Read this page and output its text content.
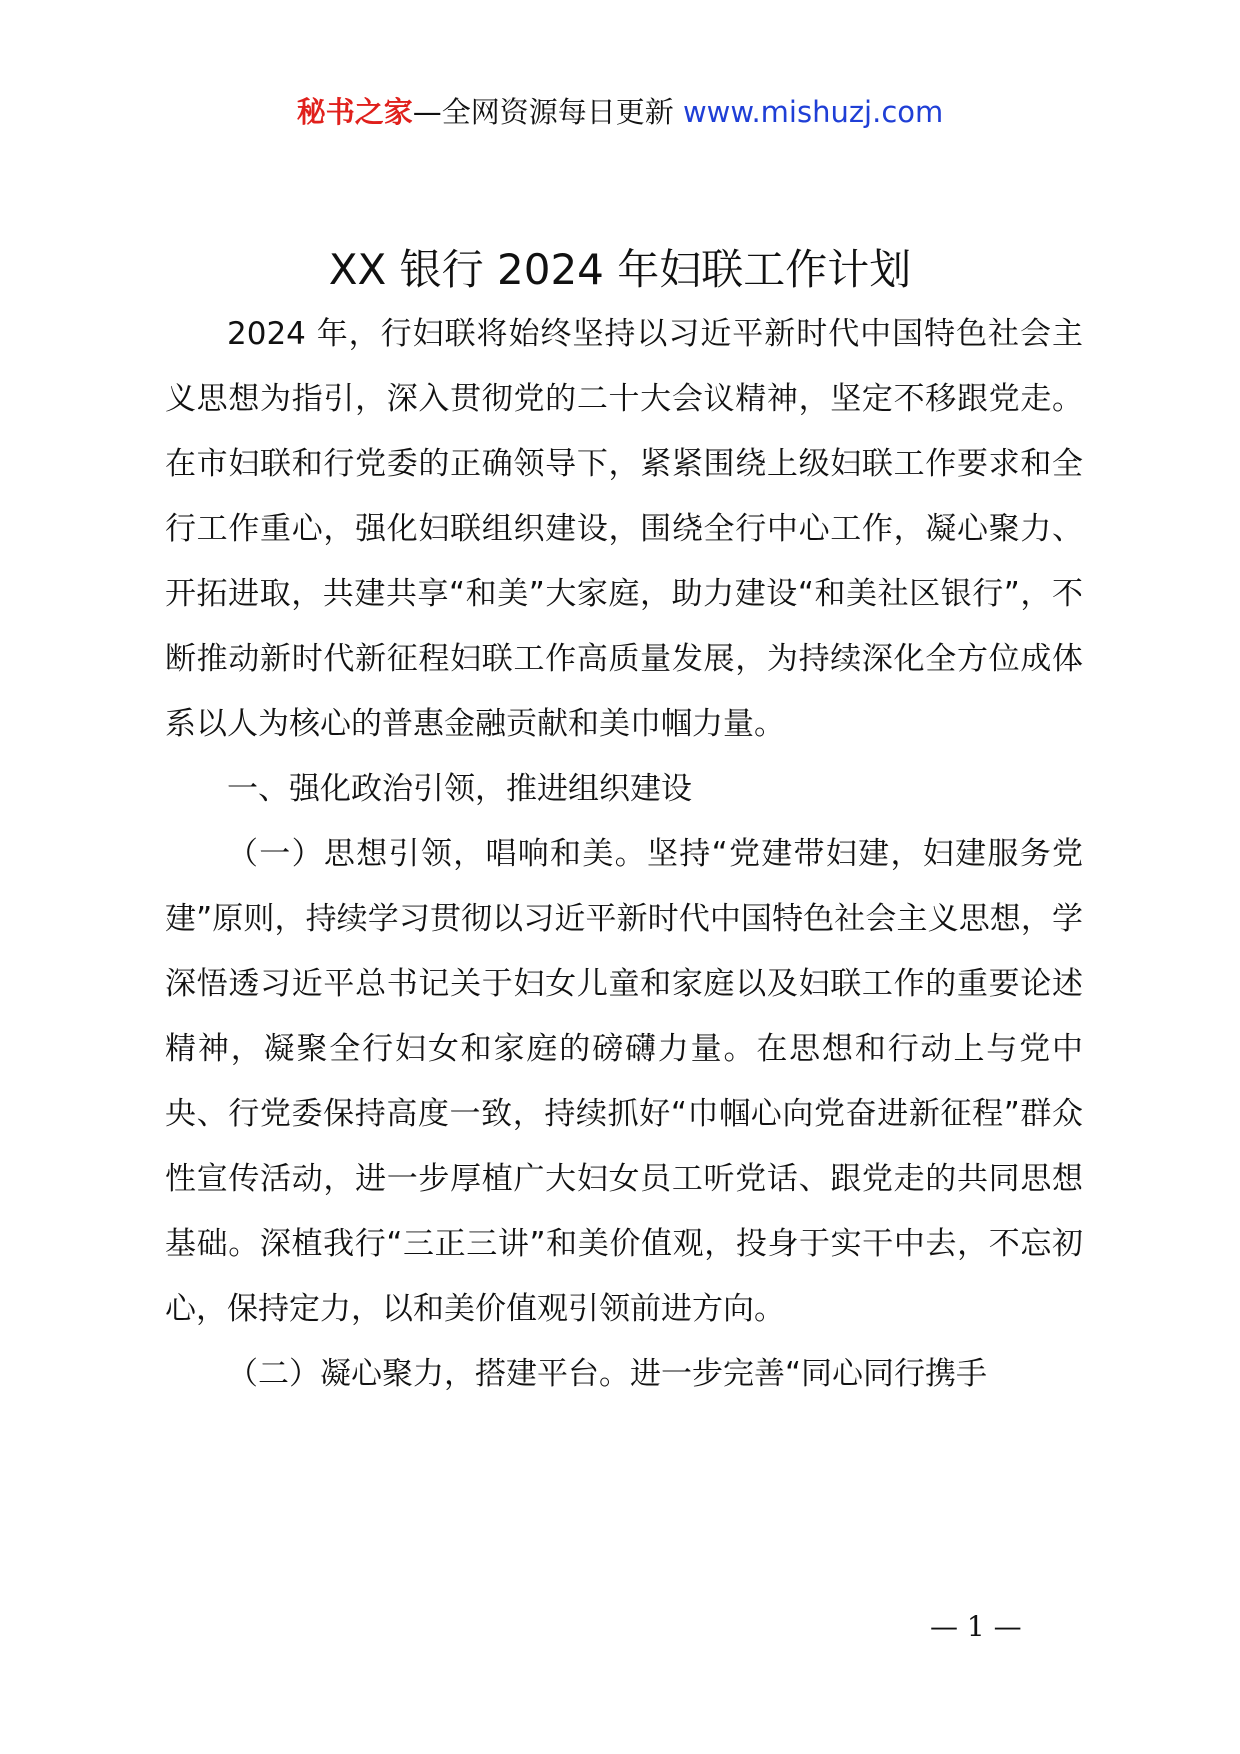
秘书之家—全网资源每日更新 www.mishuzj.com
XX 银行 2024 年妇联工作计划

2024 年，行妇联将始终坚持以习近平新时代中国特色社会主义思想为指引，深入贯彻党的二十大会议精神，坚定不移跟党走。在市妇联和行党委的正确领导下，紧紧围绕上级妇联工作要求和全行工作重心，强化妇联组织建设，围绕全行中心工作，凝心聚力、开拓进取，共建共享“和美”大家庭，助力建设“和美社区银行”，不断推动新时代新征程妇联工作高质量发展，为持续深化全方位成体系以人为核心的普惠金融贡献和美巾帼力量。

一、强化政治引领，推进组织建设

（一）思想引领，唱响和美。坚持“党建带妇建，妇建服务党建”原则，持续学习贯彻以习近平新时代中国特色社会主义思想，学深悟透习近平总书记关于妇女儿童和家庭以及妇联工作的重要论述精神，凝聚全行妇女和家庭的磅礴力量。在思想和行动上与党中央、行党委保持高度一致，持续抓好“巾帼心向党奋进新征程”群众性宣传活动，进一步厚植广大妇女员工听党话、跟党走的共同思想基础。深植我行“三正三讲”和美价值观，投身于实干中去，不忘初心，保持定力，以和美价值观引领前进方向。

（二）凝心聚力，搭建平台。进一步完善“同心同行携手

— 1 —
